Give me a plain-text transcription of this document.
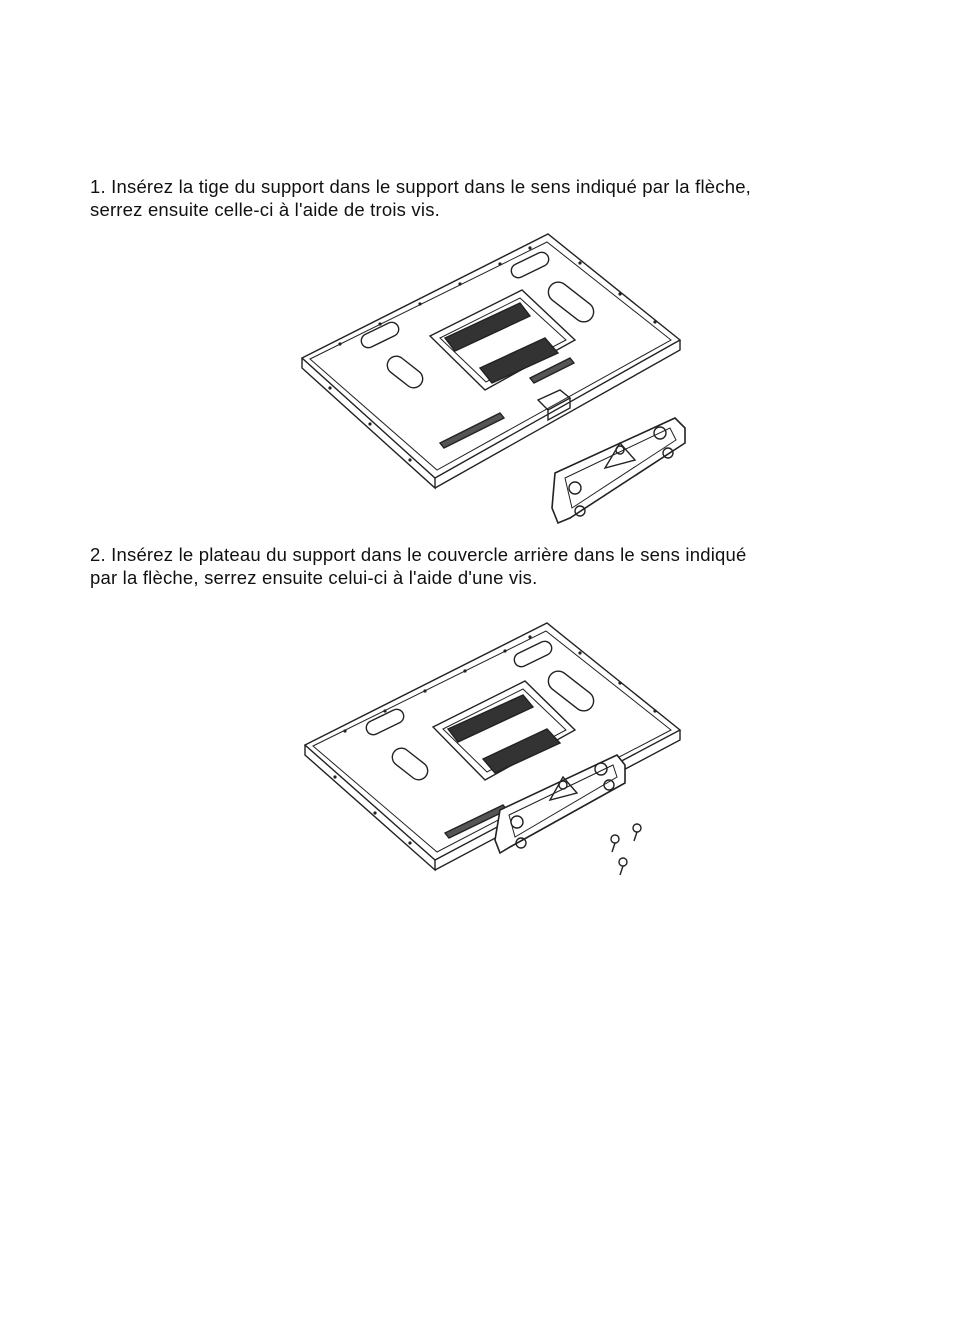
1. Insérez la tige du support dans le support dans le sens indiqué par la flèche,
serrez ensuite celle-ci à l'aide de trois vis.
2. Insérez le plateau du support dans le couvercle arrière dans le sens indiqué
par la flèche, serrez ensuite celui-ci à l'aide d'une vis.
